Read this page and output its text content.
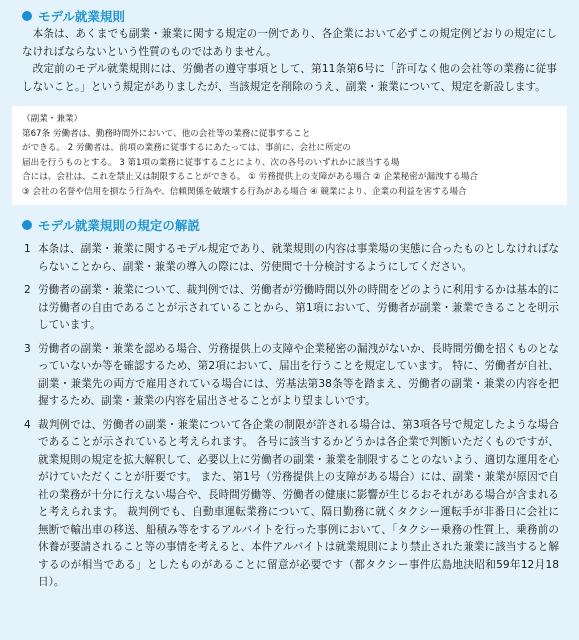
モデル就業規則

本条は、あくまでも副業・兼業に関する規定の一例であり、各企業において必ずこの規定例どおりの規定にしなければならないという性質のものではありません。

改定前のモデル就業規則には、労働者の遵守事項として、第11条第6号に「許可なく他の会社等の業務に従事しないこと。」という規定がありましたが、当該規定を削除のうえ、副業・兼業について、規定を新設します。

（副業・兼業）

第67条 労働者は、勤務時間外において、他の会社等の業務に従事すること

ができる。 2 労働者は、前項の業務に従事するにあたっては、事前に、会社に所定の

届出を行うものとする。 3 第1項の業務に従事することにより、次の各号のいずれかに該当する場

合には、会社は、これを禁止又は制限することができる。 ① 労務提供上の支障がある場合 ② 企業秘密が漏洩する場合

③ 会社の名誉や信用を損なう行為や、信頼関係を破壊する行為がある場合 ④ 競業により、企業の利益を害する場合

モデル就業規則の規定の解説
1 本条は、副業・兼業に関するモデル規定であり、就業規則の内容は事業場の実態に合ったものとしなければならないことから、副業・兼業の導入の際には、労使間で十分検討するようにしてください。
2 労働者の副業・兼業について、裁判例では、労働者が労働時間以外の時間をどのように利用するかは基本的には労働者の自由であることが示されていることから、第1項において、労働者が副業・兼業できることを明示しています。
3 労働者の副業・兼業を認める場合、労務提供上の支障や企業秘密の漏洩がないか、長時間労働を招くものとなっていないか等を確認するため、第2項において、届出を行うことを規定しています。 特に、労働者が自社、副業・兼業先の両方で雇用されている場合には、労基法第38条等を踏まえ、労働者の副業・兼業の内容を把握するため、副業・兼業の内容を届出させることがより望ましいです。
4 裁判例では、労働者の副業・兼業について各企業の制限が許される場合は、第3項各号で規定したような場合であることが示されていると考えられます。 各号に該当するかどうかは各企業で判断いただくものですが、就業規則の規定を拡大解釈して、必要以上に労働者の副業・兼業を制限することのないよう、適切な運用を心がけていただくことが肝要です。 また、第1号（労務提供上の支障がある場合）には、副業・兼業が原因で自社の業務が十分に行えない場合や、長時間労働等、労働者の健康に影響が生じるおそれがある場合が含まれると考えられます。 裁判例でも、自動車運転業務について、隔日勤務に就くタクシー運転手が非番日に会社に無断で輸出車の移送、船積み等をするアルバイトを行った事例において、「タクシー乗務の性質上、乗務前の休養が要請されること等の事情を考えると、本件アルバイトは就業規則により禁止された兼業に該当すると解するのが相当である」としたものがあることに留意が必要です（都タクシー事件広島地決昭和59年12月18日）。
